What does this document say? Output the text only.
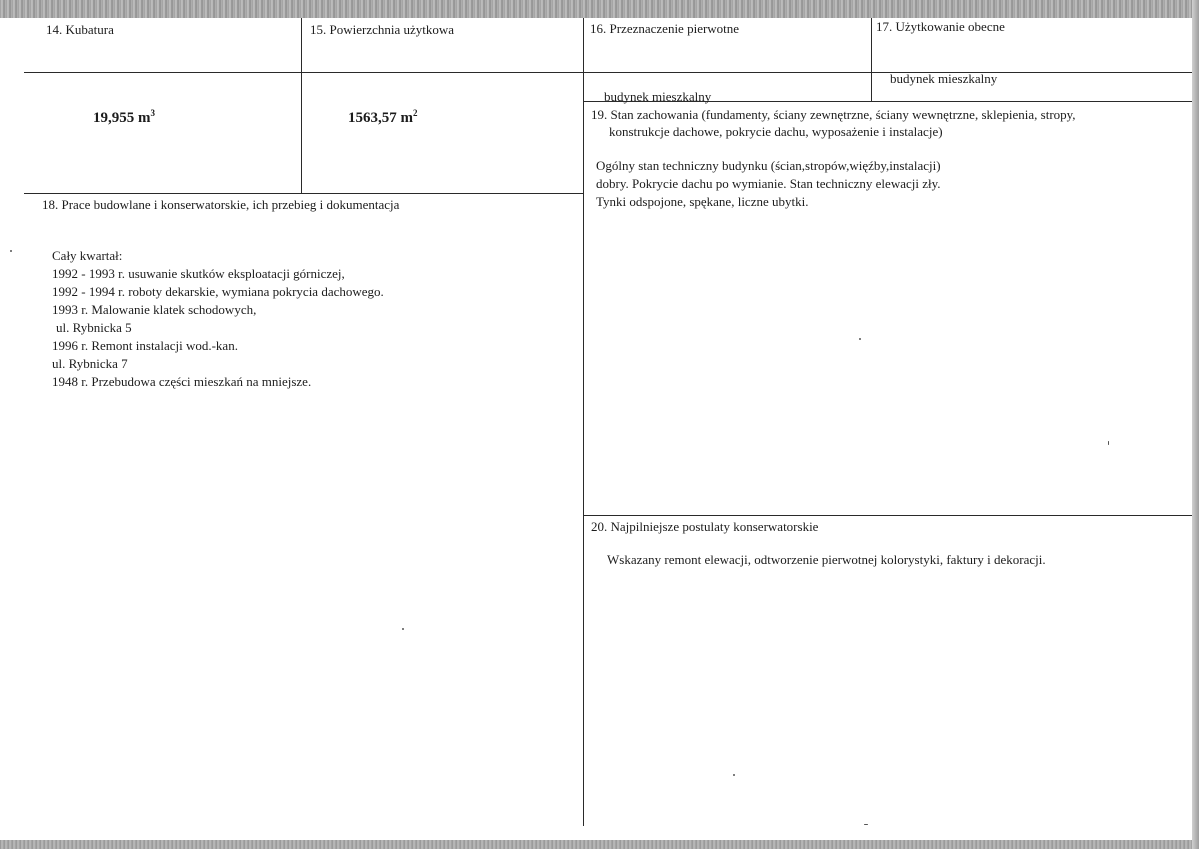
14. Kubatura
19,955 $m^3$
15. Powierzchnia użytkowa
1563,57 $m^2$
16. Przeznaczenie pierwotne
budynek mieszkalny
17. Użytkowanie obecne
budynek mieszkalny
18. Prace budowlane i konserwatorskie, ich przebieg i dokumentacja
Cały kwartał:
1992 - 1993 r. usuwanie skutków eksploatacji górniczej,
1992 - 1994 r. roboty dekarskie, wymiana pokrycia dachowego.
1993 r. Malowanie klatek schodowych,
ul. Rybnicka 5
1996 r. Remont instalacji wod.-kan.
ul. Rybnicka 7
1948 r. Przebudowa części mieszkań na mniejsze.
19. Stan zachowania (fundamenty, ściany zewnętrzne, ściany wewnętrzne, sklepienia, stropy,
konstrukcje dachowe, pokrycie dachu, wyposażenie i instalacje)
Ogólny stan techniczny budynku (ścian,stropów,więźby,instalacji)
dobry. Pokrycie dachu po wymianie. Stan techniczny elewacji zły.
Tynki odspojone, spękane, liczne ubytki.
20. Najpilniejsze postulaty konserwatorskie
Wskazany remont elewacji, odtworzenie pierwotnej kolorystyki, faktury i dekoracji.
